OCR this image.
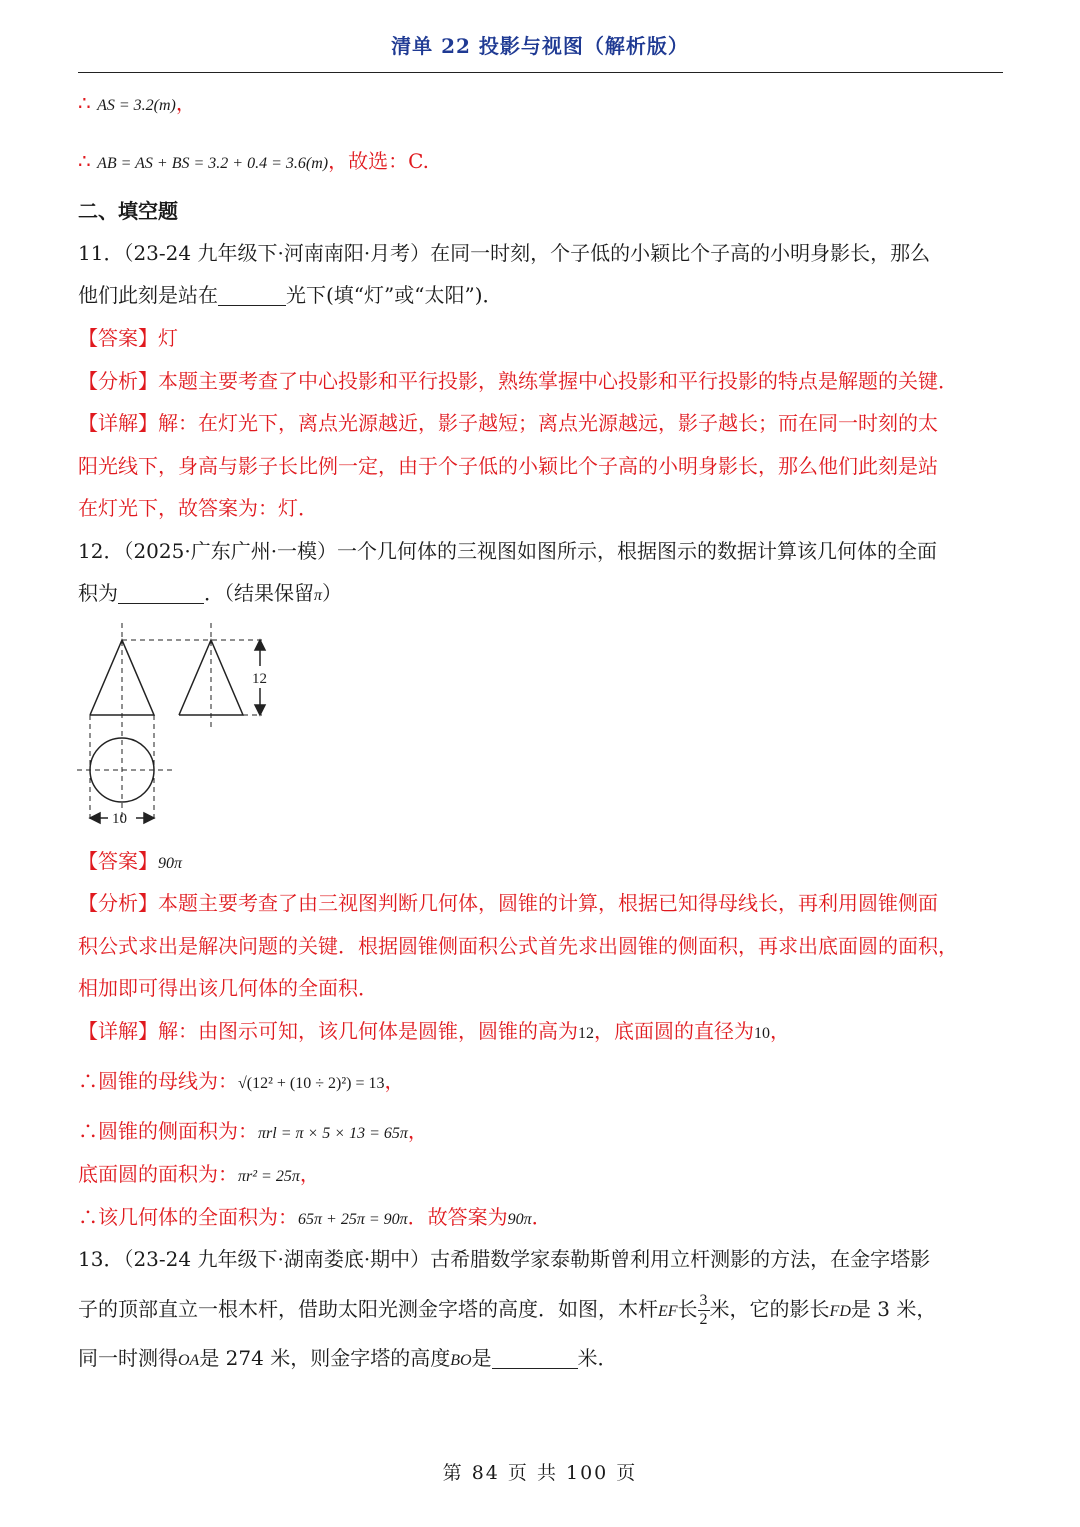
清单 22 投影与视图（解析版）
∴ AS = 3.2(m)，
∴ AB = AS + BS = 3.2 + 0.4 = 3.6(m)，故选：C.
二、填空题
11．（23-24 九年级下·河南南阳·月考）在同一时刻，个子低的小颖比个子高的小明身影长，那么
他们此刻是站在	光下(填“灯”或“太阳”)．
【答案】灯
【分析】本题主要考查了中心投影和平行投影，熟练掌握中心投影和平行投影的特点是解题的关键．
【详解】解：在灯光下，离点光源越近，影子越短；离点光源越远，影子越长；而在同一时刻的太
阳光线下，身高与影子长比例一定，由于个子低的小颖比个子高的小明身影长，那么他们此刻是站
在灯光下，故答案为：灯．
12．（2025·广东广州·一模）一个几何体的三视图如图所示，根据图示的数据计算该几何体的全面
积为	．（结果保留π）
12
10
【答案】90π
【分析】本题主要考查了由三视图判断几何体，圆锥的计算，根据已知得母线长，再利用圆锥侧面
积公式求出是解决问题的关键．根据圆锥侧面积公式首先求出圆锥的侧面积，再求出底面圆的面积，
相加即可得出该几何体的全面积．
【详解】解：由图示可知，该几何体是圆锥，圆锥的高为12，底面圆的直径为10，
∴圆锥的母线为：√(12² + (10 ÷ 2)²) = 13，
∴圆锥的侧面积为：πrl = π × 5 × 13 = 65π，
底面圆的面积为：πr² = 25π，
∴该几何体的全面积为：65π + 25π = 90π．故答案为90π．
13．（23-24 九年级下·湖南娄底·期中）古希腊数学家泰勒斯曾利用立杆测影的方法，在金字塔影
子的顶部直立一根木杆，借助太阳光测金字塔的高度．如图，木杆EF长 $\frac{3}{2}$ 米，它的影长FD是 3 米，
同一时测得OA是 274 米，则金字塔的高度BO是	米．
第 84 页 共 100 页
